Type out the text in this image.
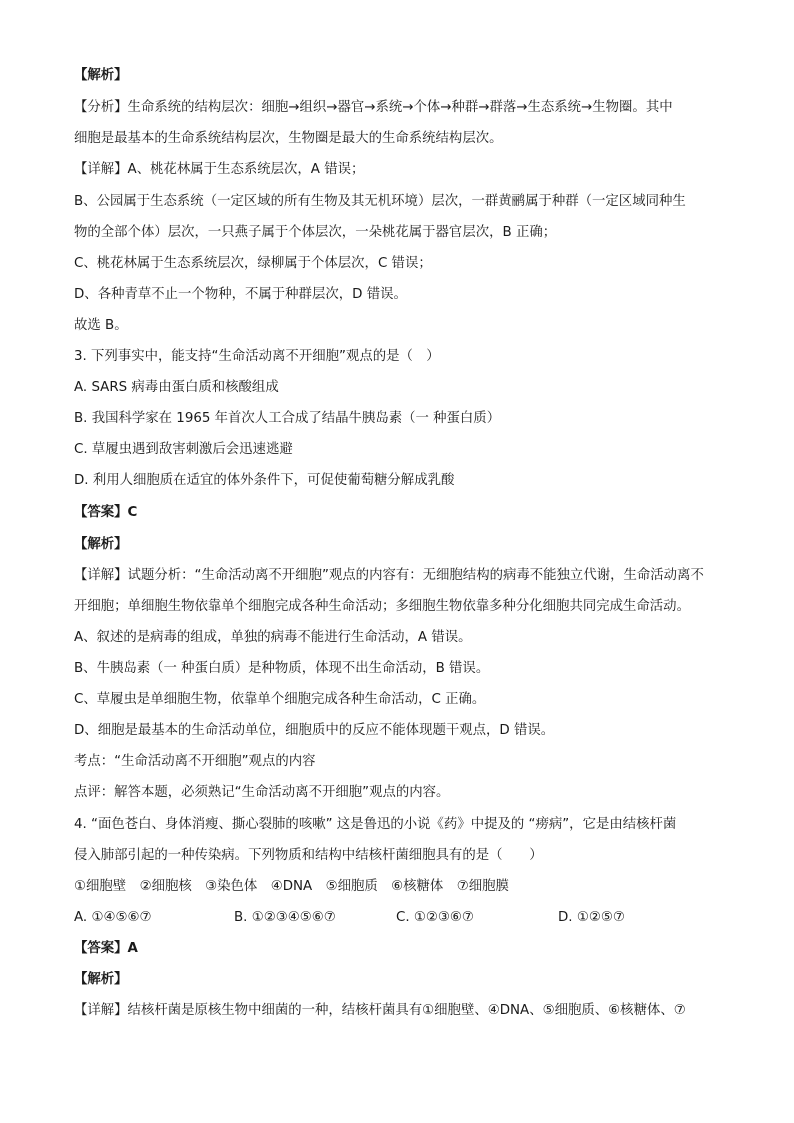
【解析】
【分析】生命系统的结构层次：细胞→组织→器官→系统→个体→种群→群落→生态系统→生物圈。其中
细胞是最基本的生命系统结构层次，生物圈是最大的生命系统结构层次。
【详解】A、桃花林属于生态系统层次，A 错误；
B、公园属于生态系统（一定区域的所有生物及其无机环境）层次，一群黄鹂属于种群（一定区域同种生
物的全部个体）层次，一只燕子属于个体层次，一朵桃花属于器官层次，B 正确；
C、桃花林属于生态系统层次，绿柳属于个体层次，C 错误；
D、各种青草不止一个物种，不属于种群层次，D 错误。
故选 B。
3. 下列事实中，能支持“生命活动离不开细胞”观点的是（　）
A. SARS 病毒由蛋白质和核酸组成
B. 我国科学家在 1965 年首次人工合成了结晶牛胰岛素（一 种蛋白质）
C. 草履虫遇到敌害刺激后会迅速逃避
D. 利用人细胞质在适宜的体外条件下，可促使葡萄糖分解成乳酸
【答案】C
【解析】
【详解】试题分析：“生命活动离不开细胞”观点的内容有：无细胞结构的病毒不能独立代谢，生命活动离不
开细胞；单细胞生物依靠单个细胞完成各种生命活动；多细胞生物依靠多种分化细胞共同完成生命活动。
A、叙述的是病毒的组成，单独的病毒不能进行生命活动，A 错误。
B、牛胰岛素（一 种蛋白质）是种物质，体现不出生命活动，B 错误。
C、草履虫是单细胞生物，依靠单个细胞完成各种生命活动，C 正确。
D、细胞是最基本的生命活动单位，细胞质中的反应不能体现题干观点，D 错误。
考点：“生命活动离不开细胞”观点的内容
点评：解答本题，必须熟记“生命活动离不开细胞”观点的内容。
4. “面色苍白、身体消瘦、撕心裂肺的咳嗽” 这是鲁迅的小说《药》中提及的 “痨病”，它是由结核杆菌
侵入肺部引起的一种传染病。下列物质和结构中结核杆菌细胞具有的是（　　）
①细胞壁　②细胞核　③染色体　④DNA　⑤细胞质　⑥核糖体　⑦细胞膜
A. ①④⑤⑥⑦	B. ①②③④⑤⑥⑦	C. ①②③⑥⑦	D. ①②⑤⑦
【答案】A
【解析】
【详解】结核杆菌是原核生物中细菌的一种，结核杆菌具有①细胞壁、④DNA、⑤细胞质、⑥核糖体、⑦
